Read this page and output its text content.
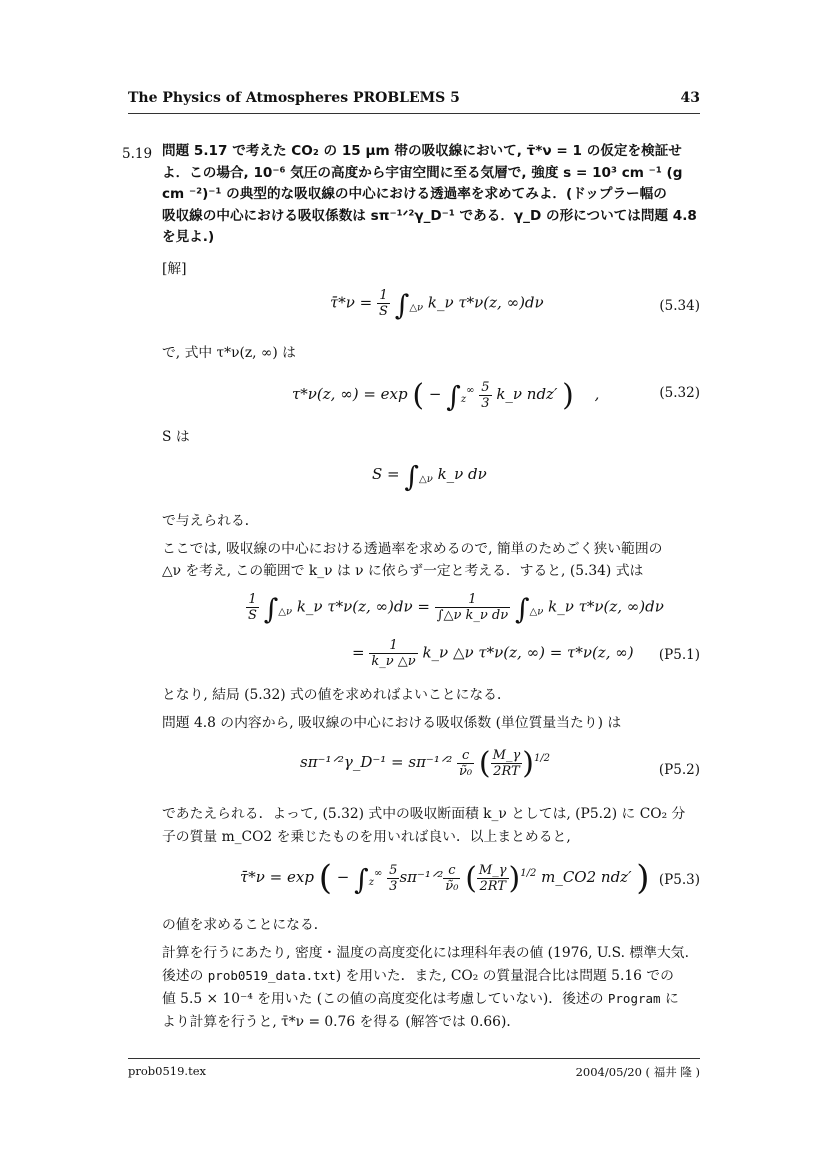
The Physics of Atmospheres PROBLEMS 5	43
5.19 問題 5.17 で考えた CO₂ の 15 μm 帯の吸収線において, τ̄*ν = 1 の仮定を検証せ
よ．この場合, 10⁻⁶ 気圧の高度から宇宙空間に至る気層で, 強度 s = 10³ cm ⁻¹ (g
cm ⁻²)⁻¹ の典型的な吸収線の中心における透過率を求めてみよ．(ドップラー幅の
吸収線の中心における吸収係数は sπ⁻¹ᐟ²γ_D⁻¹ である．γ_D の形については問題 4.8
を見よ.)
[解]
τ̄*ν = $\frac{1}{S} \int_{\triangle\nu}$ k_ν τ*ν(z, ∞)dν	(5.34)
で, 式中 τ*ν(z, ∞) は
τ*ν(z, ∞) = exp ( − $\int_z^\infty \frac{5}{3}$ k_ν ndz′ ) ,	(5.32)
S は
$S = \int_{\triangle\nu}$ k_ν dν
で与えられる．
ここでは, 吸収線の中心における透過率を求めるので, 簡単のためごく狭い範囲の
△ν を考え, この範囲で k_ν は ν に依らず一定と考える．すると, (5.34) 式は
$\frac{1}{S} \int_{\triangle\nu}$ k_ν τ*ν(z, $\infty)d\nu = \frac{1}{\text{∫△ν k\_ν dν}} \int_{\triangle\nu}$ k_ν τ*ν(z, ∞)dν
= $\frac{1}{k\_\nu \triangle\nu}$ k_ν △ν τ*ν(z, ∞) = τ*ν(z, ∞) (P5.1)
となり, 結局 (5.32) 式の値を求めればよいことになる．
問題 4.8 の内容から, 吸収線の中心における吸収係数 (単位質量当たり) は
sπ⁻¹ᐟ²γ_D⁻¹ = sπ⁻¹ᐟ² $\frac{c}{\text{ν̃₀}}$ ( $\frac{M\_\gamma}{2RT} )^{1/2}$
(P5.2)
であたえられる．よって, (5.32) 式中の吸収断面積 k_ν としては, (P5.2) に CO₂ 分
子の質量 m_CO2 を乗じたものを用いれば良い．以上まとめると,
τ̄*ν = exp ( − $\int_z^\infty \frac{5}{3}$ sπ⁻¹ᐟ² $\frac{c}{\text{ν̃₀}}$ ( $\frac{M\_\gamma}{2RT} )^{1/2}$ m_CO2 ndz′ ) (P5.3)
の値を求めることになる．
計算を行うにあたり, 密度・温度の高度変化には理科年表の値 (1976, U.S. 標準大気.
後述の prob0519_data.txt) を用いた．また, CO₂ の質量混合比は問題 5.16 での
値 5.5 × 10⁻⁴ を用いた (この値の高度変化は考慮していない)．後述の Program に
より計算を行うと, τ̄*ν = 0.76 を得る (解答では 0.66)．
prob0519.tex	2004/05/20 ( 福井 隆 )
